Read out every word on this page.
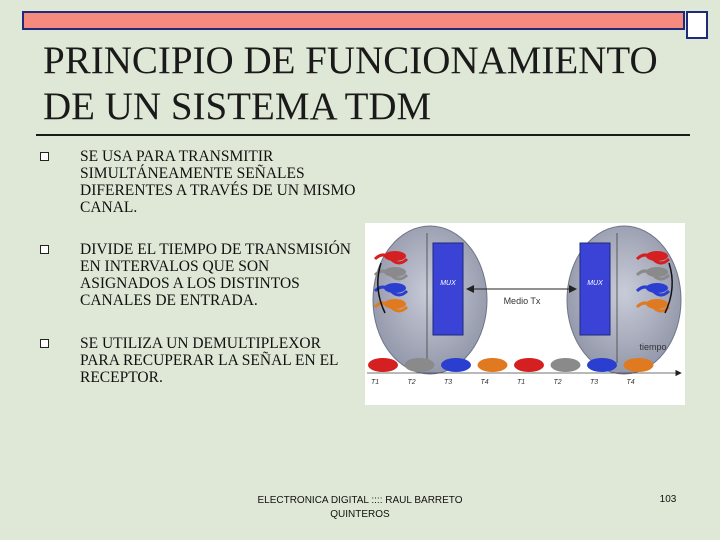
PRINCIPIO DE FUNCIONAMIENTO DE UN SISTEMA TDM
SE USA PARA TRANSMITIR SIMULTÁNEAMENTE SEÑALES DIFERENTES A TRAVÉS DE UN MISMO CANAL.
DIVIDE EL TIEMPO DE TRANSMISIÓN EN INTERVALOS QUE SON ASIGNADOS A LOS DISTINTOS CANALES DE ENTRADA.
SE UTILIZA UN DEMULTIPLEXOR PARA RECUPERAR LA SEÑAL EN EL RECEPTOR.
MUX	MUX
Medio Tx
tiempo
T1	T2	T3	T4	T1	T2	T3	T4
ELECTRONICA DIGITAL :::: RAUL BARRETO QUINTEROS
103
